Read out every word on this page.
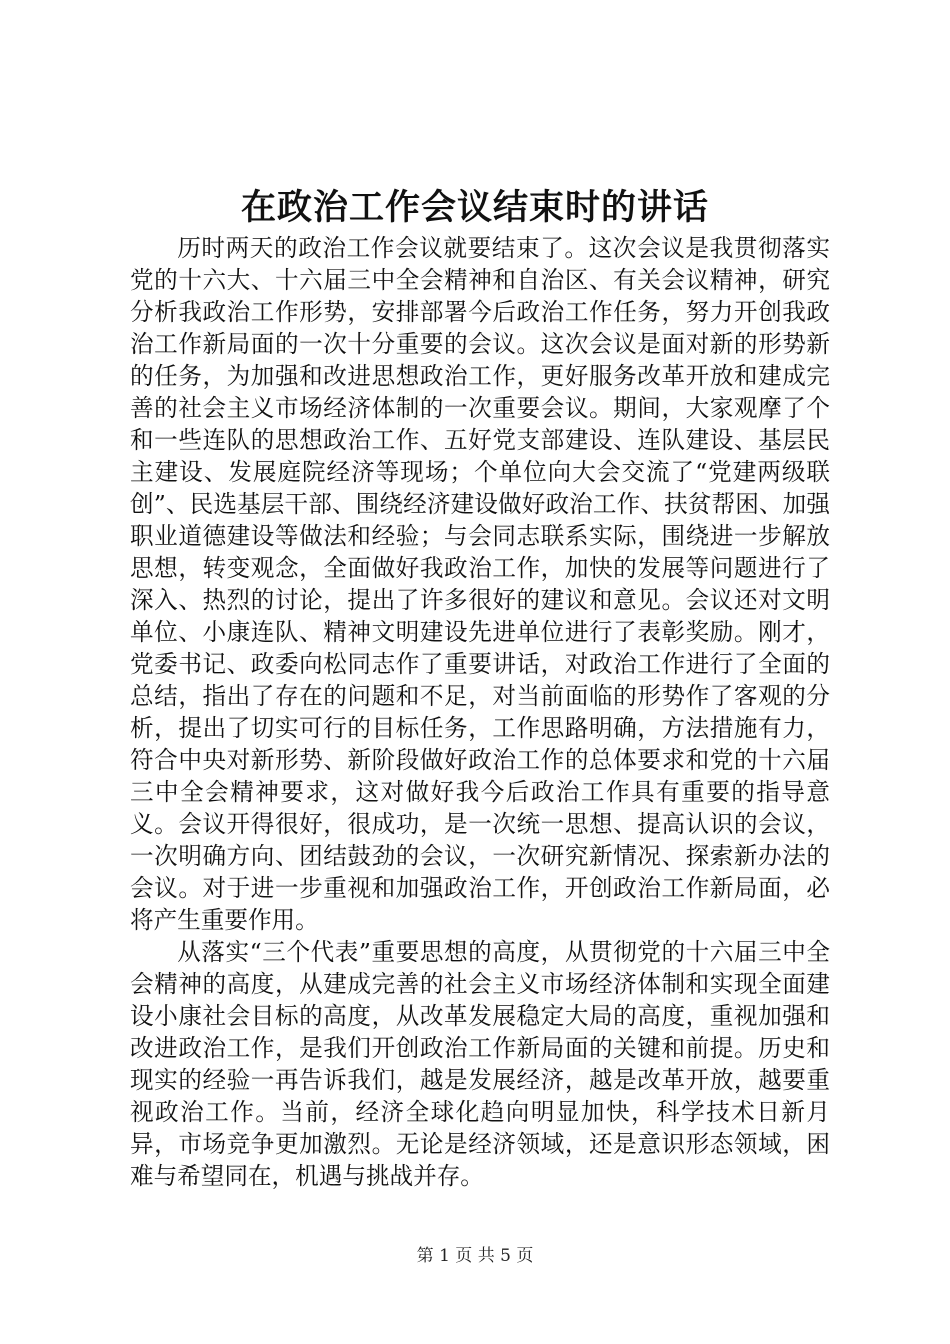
在政治工作会议结束时的讲话

历时两天的政治工作会议就要结束了。这次会议是我贯彻落实党的十六大、十六届三中全会精神和自治区、有关会议精神，研究分析我政治工作形势，安排部署今后政治工作任务，努力开创我政治工作新局面的一次十分重要的会议。这次会议是面对新的形势新的任务，为加强和改进思想政治工作，更好服务改革开放和建成完善的社会主义市场经济体制的一次重要会议。期间，大家观摩了个和一些连队的思想政治工作、五好党支部建设、连队建设、基层民主建设、发展庭院经济等现场；个单位向大会交流了“党建两级联创”、民选基层干部、围绕经济建设做好政治工作、扶贫帮困、加强职业道德建设等做法和经验；与会同志联系实际，围绕进一步解放思想，转变观念，全面做好我政治工作，加快的发展等问题进行了深入、热烈的讨论，提出了许多很好的建议和意见。会议还对文明单位、小康连队、精神文明建设先进单位进行了表彰奖励。刚才，党委书记、政委向松同志作了重要讲话，对政治工作进行了全面的总结，指出了存在的问题和不足，对当前面临的形势作了客观的分析，提出了切实可行的目标任务，工作思路明确，方法措施有力，符合中央对新形势、新阶段做好政治工作的总体要求和党的十六届三中全会精神要求，这对做好我今后政治工作具有重要的指导意义。会议开得很好，很成功，是一次统一思想、提高认识的会议，一次明确方向、团结鼓劲的会议，一次研究新情况、探索新办法的会议。对于进一步重视和加强政治工作，开创政治工作新局面，必将产生重要作用。

从落实“三个代表”重要思想的高度，从贯彻党的十六届三中全会精神的高度，从建成完善的社会主义市场经济体制和实现全面建设小康社会目标的高度，从改革发展稳定大局的高度，重视加强和改进政治工作，是我们开创政治工作新局面的关键和前提。历史和现实的经验一再告诉我们，越是发展经济，越是改革开放，越要重视政治工作。当前，经济全球化趋向明显加快，科学技术日新月异，市场竞争更加激烈。无论是经济领域，还是意识形态领域，困难与希望同在，机遇与挑战并存。

第 1 页 共 5 页
